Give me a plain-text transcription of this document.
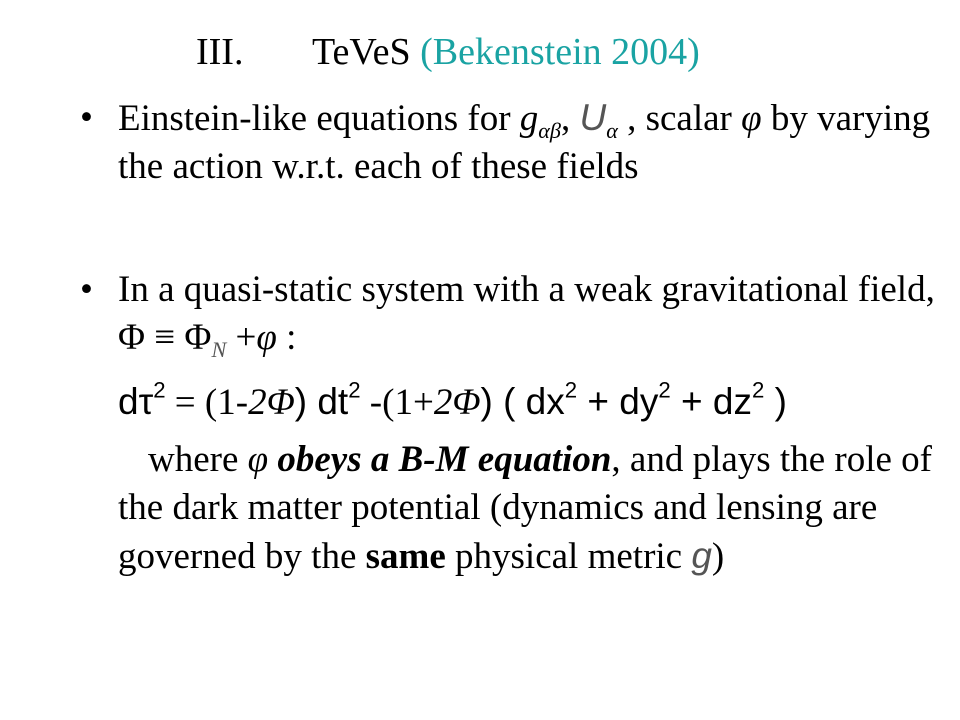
III. TeVeS (Bekenstein 2004)
• Einstein-like equations for $g_{\alpha\beta}$, $U_\alpha$ , scalar φ by varying the action w.r.t. each of these fields
• In a quasi-static system with a weak gravitational field, $\Phi \equiv \Phi_N +\varphi$ :
$d\tau^2 = (1-2\Phi)$ $dt^2$ -(1+2Φ) ( $dx^2 + dy^2 + dz^2$ )
where φ obeys a B-M equation, and plays the role of the dark matter potential (dynamics and lensing are governed by the same physical metric g)
